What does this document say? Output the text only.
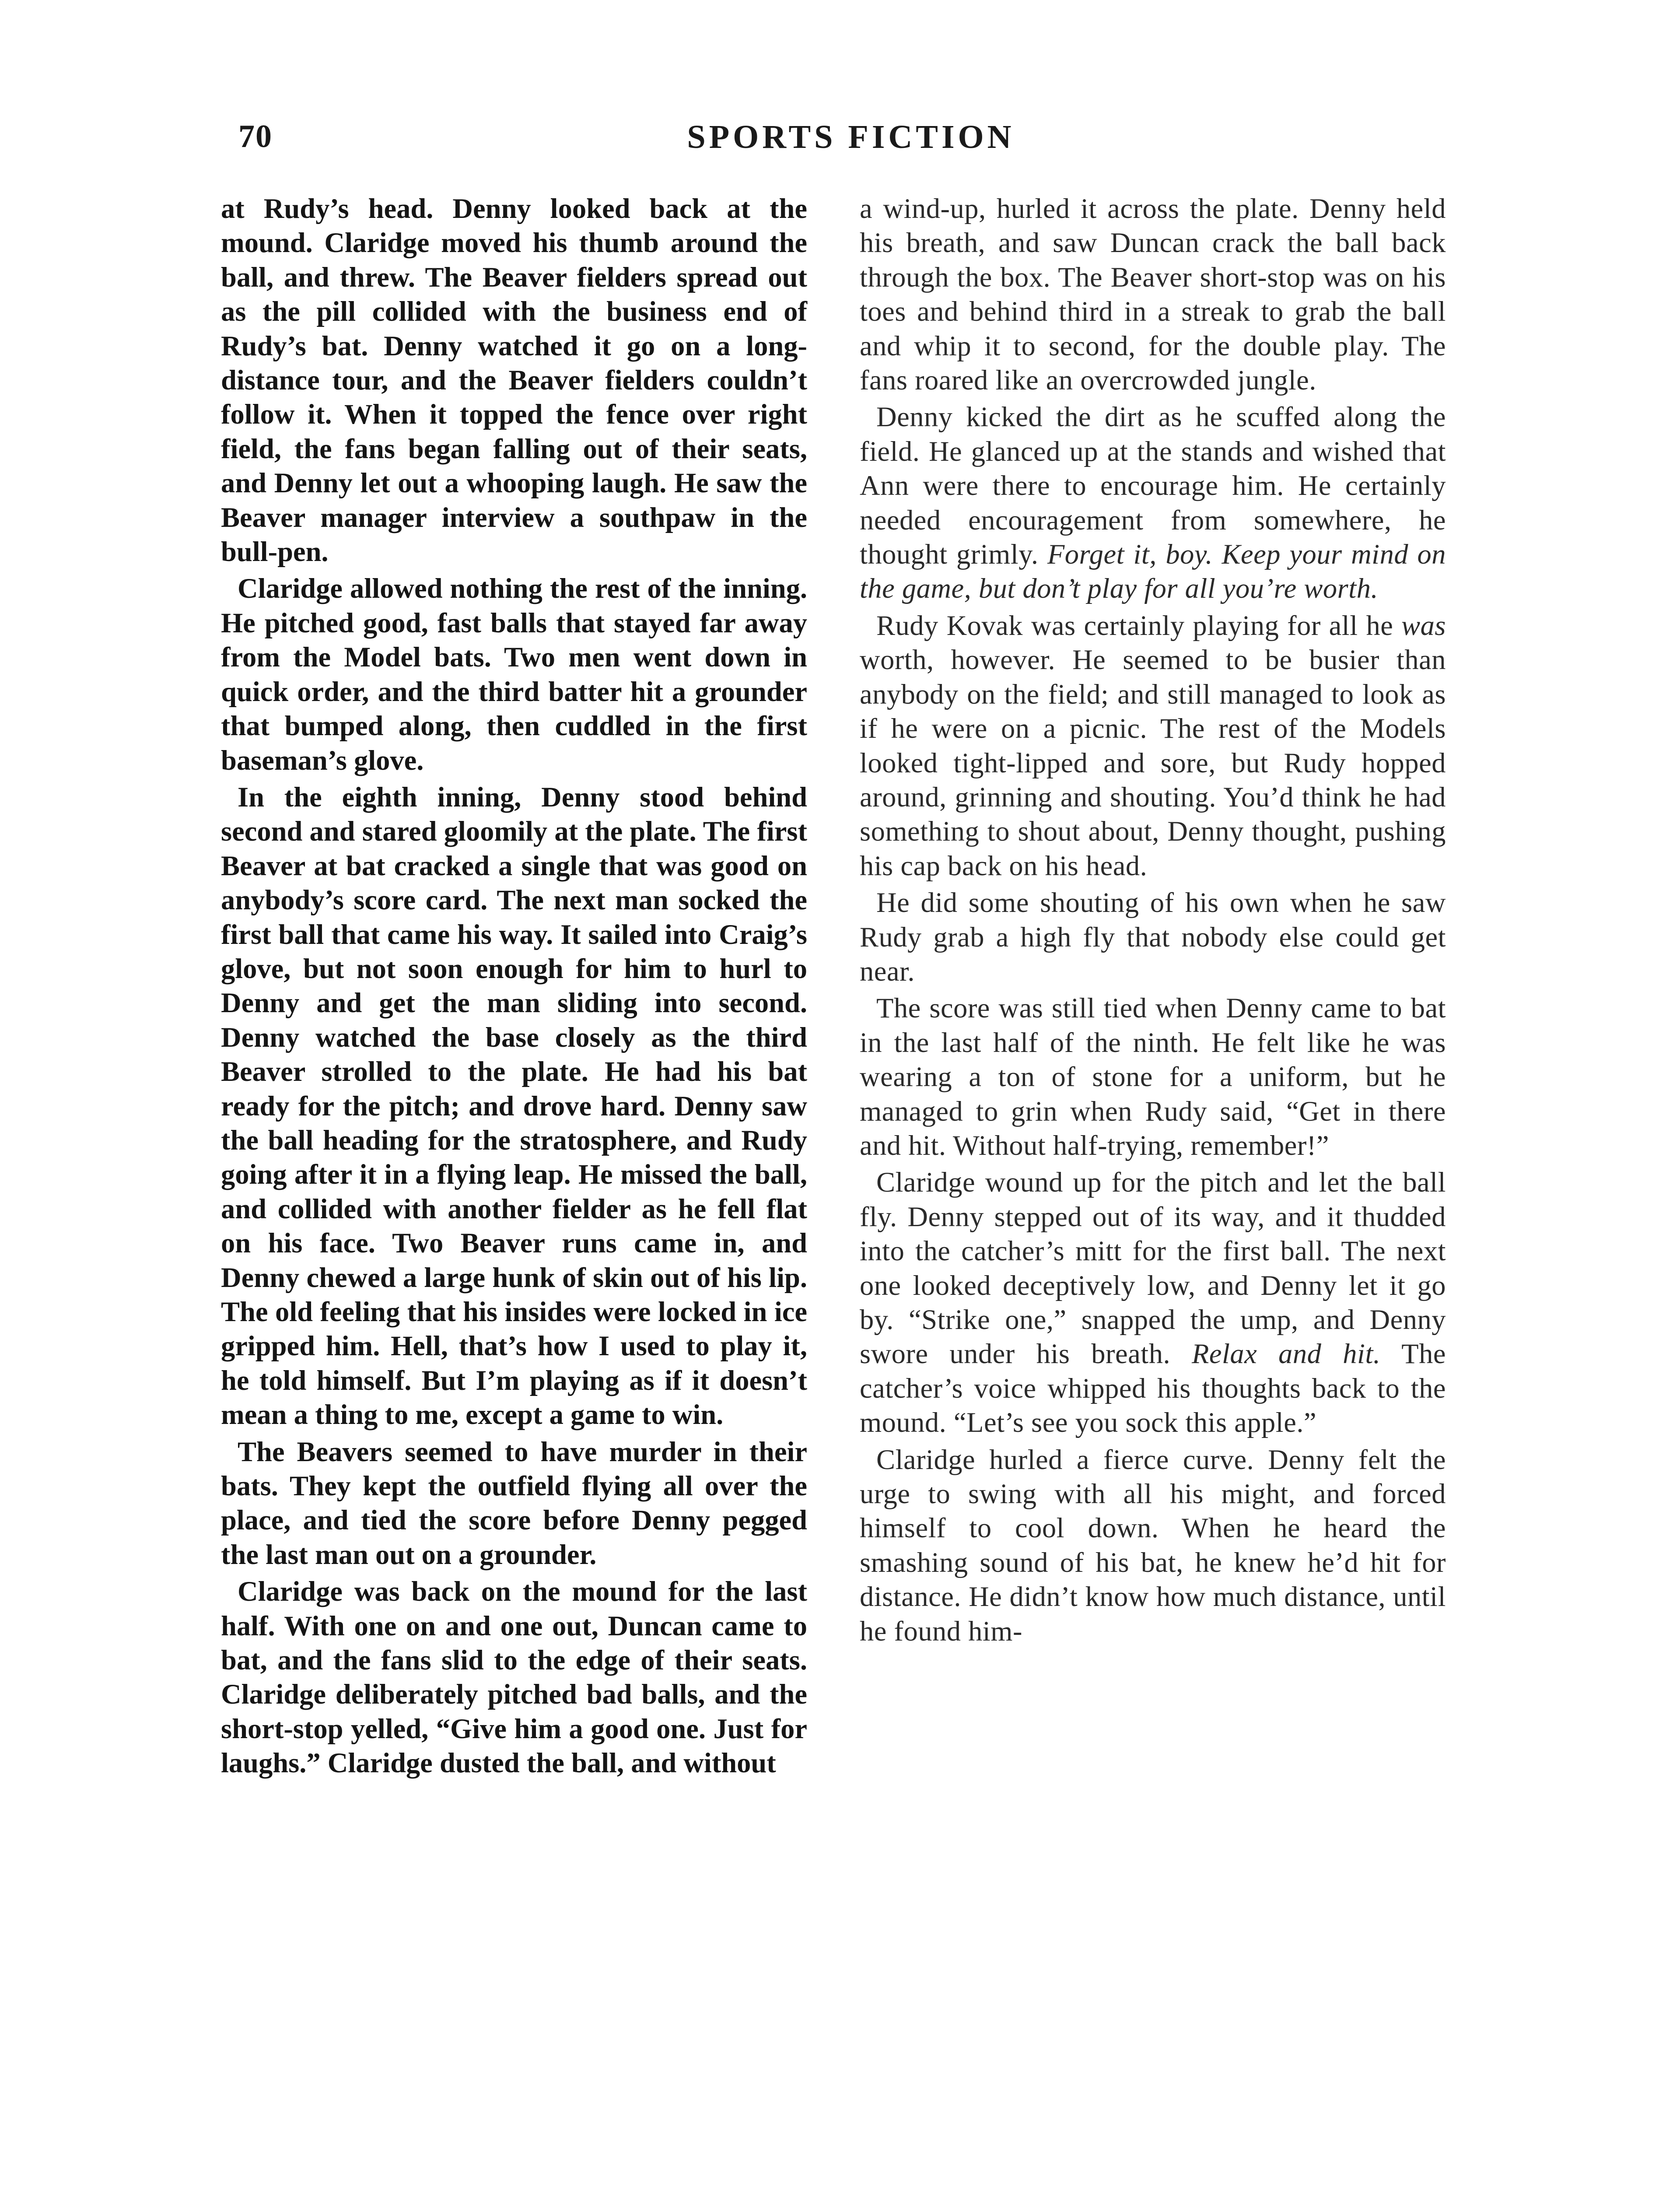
70	SPORTS FICTION

at Rudy’s head. Denny looked back at the mound. Claridge moved his thumb around the ball, and threw. The Beaver fielders spread out as the pill collided with the business end of Rudy’s bat. Denny watched it go on a long-distance tour, and the Beaver fielders couldn’t follow it. When it topped the fence over right field, the fans began falling out of their seats, and Denny let out a whooping laugh. He saw the Beaver manager interview a southpaw in the bull-pen.

Claridge allowed nothing the rest of the inning. He pitched good, fast balls that stayed far away from the Model bats. Two men went down in quick order, and the third batter hit a grounder that bumped along, then cuddled in the first baseman’s glove.

In the eighth inning, Denny stood behind second and stared gloomily at the plate. The first Beaver at bat cracked a single that was good on anybody’s score card. The next man socked the first ball that came his way. It sailed into Craig’s glove, but not soon enough for him to hurl to Denny and get the man sliding into second. Denny watched the base closely as the third Beaver strolled to the plate. He had his bat ready for the pitch; and drove hard. Denny saw the ball heading for the stratosphere, and Rudy going after it in a flying leap. He missed the ball, and collided with another fielder as he fell flat on his face. Two Beaver runs came in, and Denny chewed a large hunk of skin out of his lip. The old feeling that his insides were locked in ice gripped him. Hell, that’s how I used to play it, he told himself. But I’m playing as if it doesn’t mean a thing to me, except a game to win.

The Beavers seemed to have murder in their bats. They kept the outfield flying all over the place, and tied the score before Denny pegged the last man out on a grounder.

Claridge was back on the mound for the last half. With one on and one out, Duncan came to bat, and the fans slid to the edge of their seats. Claridge deliberately pitched bad balls, and the short-stop yelled, “Give him a good one. Just for laughs.” Claridge dusted the ball, and without

a wind-up, hurled it across the plate. Denny held his breath, and saw Duncan crack the ball back through the box. The Beaver short-stop was on his toes and behind third in a streak to grab the ball and whip it to second, for the double play. The fans roared like an overcrowded jungle.

Denny kicked the dirt as he scuffed along the field. He glanced up at the stands and wished that Ann were there to encourage him. He certainly needed encouragement from somewhere, he thought grimly. Forget it, boy. Keep your mind on the game, but don’t play for all you’re worth.

Rudy Kovak was certainly playing for all he was worth, however. He seemed to be busier than anybody on the field; and still managed to look as if he were on a picnic. The rest of the Models looked tight-lipped and sore, but Rudy hopped around, grinning and shouting. You’d think he had something to shout about, Denny thought, pushing his cap back on his head.

He did some shouting of his own when he saw Rudy grab a high fly that nobody else could get near.

The score was still tied when Denny came to bat in the last half of the ninth. He felt like he was wearing a ton of stone for a uniform, but he managed to grin when Rudy said, “Get in there and hit. Without half-trying, remember!”

Claridge wound up for the pitch and let the ball fly. Denny stepped out of its way, and it thudded into the catcher’s mitt for the first ball. The next one looked deceptively low, and Denny let it go by. “Strike one,” snapped the ump, and Denny swore under his breath. Relax and hit. The catcher’s voice whipped his thoughts back to the mound. “Let’s see you sock this apple.”

Claridge hurled a fierce curve. Denny felt the urge to swing with all his might, and forced himself to cool down. When he heard the smashing sound of his bat, he knew he’d hit for distance. He didn’t know how much distance, until he found him-
